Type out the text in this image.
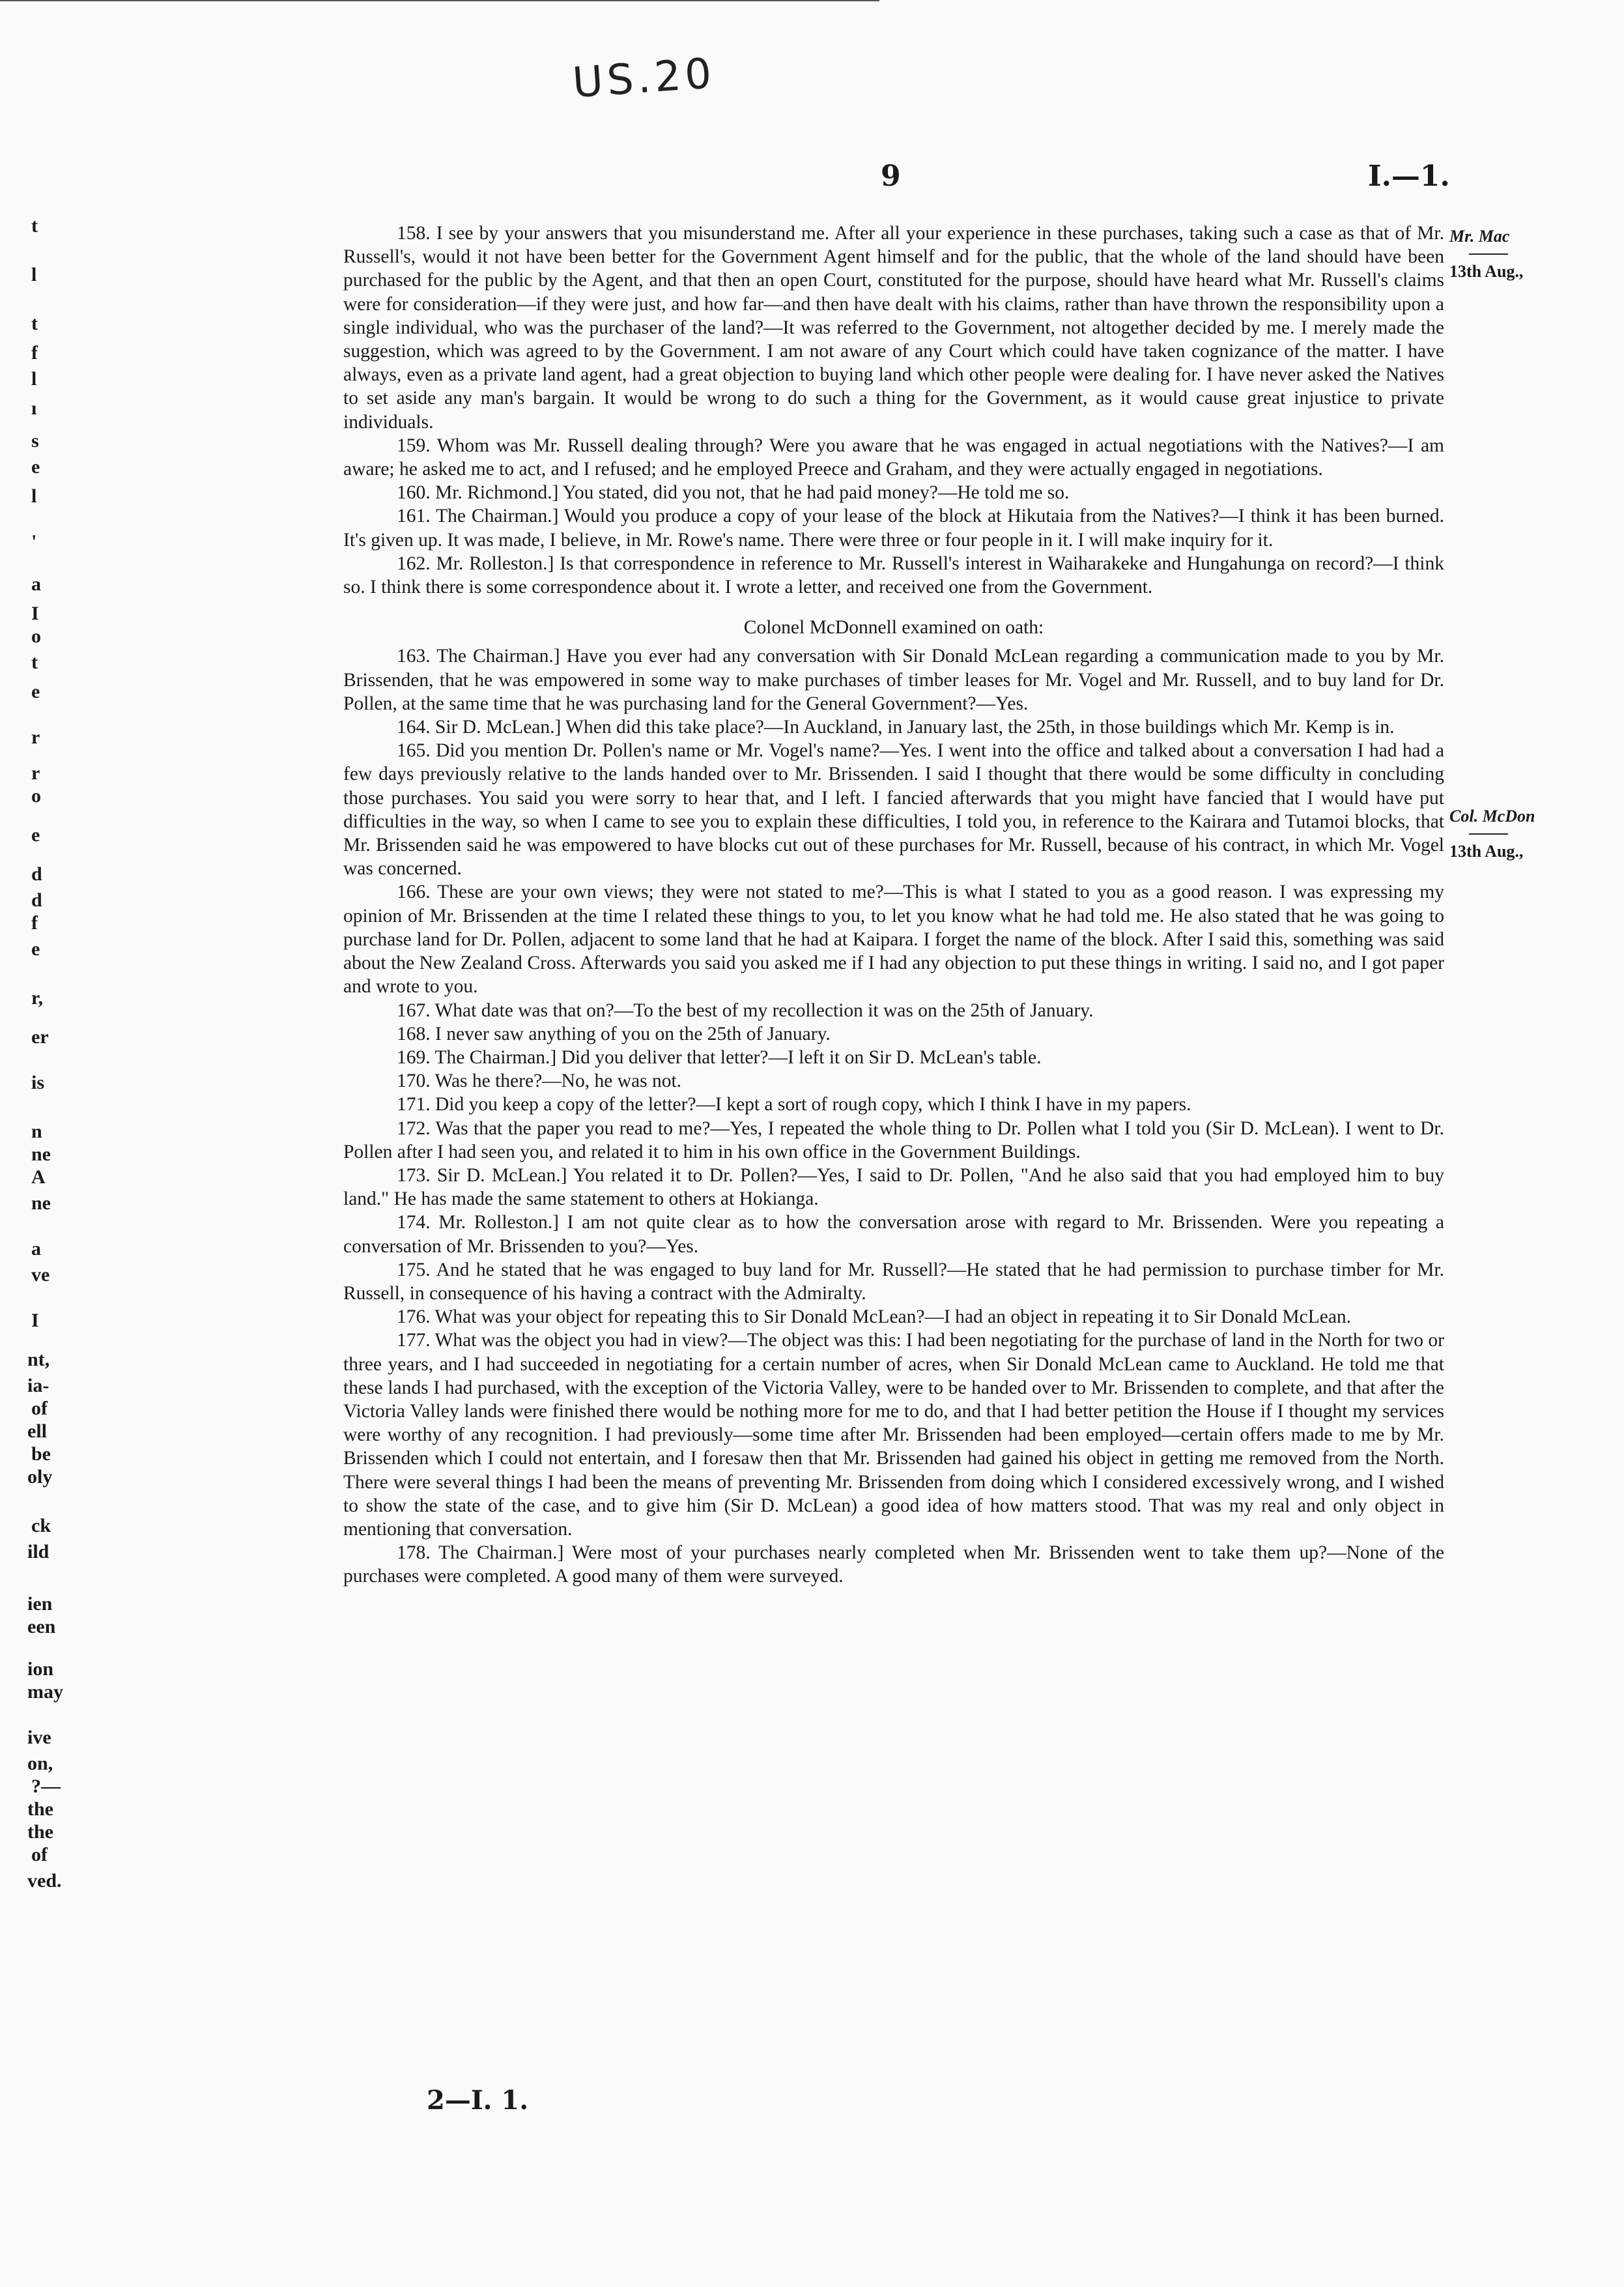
US.20
9	I.—1.
Mr. Mac
13th Aug.,
Col. McDon
13th Aug.,
t
l
t
f
l
ı
s
e
l
'
a
I
o
t
e
r
r
o
e
d
d
f
e
r,
er
is
n
ne
A
ne
a
ve
I
nt,
ia-
of
ell
be
oly
ck
ild
ien
een
ion
may
ive
on,
?—
the
the
of
ved.

158. I see by your answers that you misunderstand me. After all your experience in these purchases, taking such a case as that of Mr. Russell's, would it not have been better for the Government Agent himself and for the public, that the whole of the land should have been purchased for the public by the Agent, and that then an open Court, constituted for the purpose, should have heard what Mr. Russell's claims were for consideration—if they were just, and how far—and then have dealt with his claims, rather than have thrown the responsibility upon a single individual, who was the purchaser of the land?—It was referred to the Government, not altogether decided by me. I merely made the suggestion, which was agreed to by the Government. I am not aware of any Court which could have taken cognizance of the matter. I have always, even as a private land agent, had a great objection to buying land which other people were dealing for. I have never asked the Natives to set aside any man's bargain. It would be wrong to do such a thing for the Government, as it would cause great injustice to private individuals.

159. Whom was Mr. Russell dealing through? Were you aware that he was engaged in actual negotiations with the Natives?—I am aware; he asked me to act, and I refused; and he employed Preece and Graham, and they were actually engaged in negotiations.

160. Mr. Richmond.] You stated, did you not, that he had paid money?—He told me so.

161. The Chairman.] Would you produce a copy of your lease of the block at Hikutaia from the Natives?—I think it has been burned. It's given up. It was made, I believe, in Mr. Rowe's name. There were three or four people in it. I will make inquiry for it.

162. Mr. Rolleston.] Is that correspondence in reference to Mr. Russell's interest in Waiharakeke and Hungahunga on record?—I think so. I think there is some correspondence about it. I wrote a letter, and received one from the Government.

Colonel McDonnell examined on oath:

163. The Chairman.] Have you ever had any conversation with Sir Donald McLean regarding a communication made to you by Mr. Brissenden, that he was empowered in some way to make purchases of timber leases for Mr. Vogel and Mr. Russell, and to buy land for Dr. Pollen, at the same time that he was purchasing land for the General Government?—Yes.

164. Sir D. McLean.] When did this take place?—In Auckland, in January last, the 25th, in those buildings which Mr. Kemp is in.

165. Did you mention Dr. Pollen's name or Mr. Vogel's name?—Yes. I went into the office and talked about a conversation I had had a few days previously relative to the lands handed over to Mr. Brissenden. I said I thought that there would be some difficulty in concluding those purchases. You said you were sorry to hear that, and I left. I fancied afterwards that you might have fancied that I would have put difficulties in the way, so when I came to see you to explain these difficulties, I told you, in reference to the Kairara and Tutamoi blocks, that Mr. Brissenden said he was empowered to have blocks cut out of these purchases for Mr. Russell, because of his contract, in which Mr. Vogel was concerned.

166. These are your own views; they were not stated to me?—This is what I stated to you as a good reason. I was expressing my opinion of Mr. Brissenden at the time I related these things to you, to let you know what he had told me. He also stated that he was going to purchase land for Dr. Pollen, adjacent to some land that he had at Kaipara. I forget the name of the block. After I said this, something was said about the New Zealand Cross. Afterwards you said you asked me if I had any objection to put these things in writing. I said no, and I got paper and wrote to you.

167. What date was that on?—To the best of my recollection it was on the 25th of January.

168. I never saw anything of you on the 25th of January.

169. The Chairman.] Did you deliver that letter?—I left it on Sir D. McLean's table.

170. Was he there?—No, he was not.

171. Did you keep a copy of the letter?—I kept a sort of rough copy, which I think I have in my papers.

172. Was that the paper you read to me?—Yes, I repeated the whole thing to Dr. Pollen what I told you (Sir D. McLean). I went to Dr. Pollen after I had seen you, and related it to him in his own office in the Government Buildings.

173. Sir D. McLean.] You related it to Dr. Pollen?—Yes, I said to Dr. Pollen, "And he also said that you had employed him to buy land." He has made the same statement to others at Hokianga.

174. Mr. Rolleston.] I am not quite clear as to how the conversation arose with regard to Mr. Brissenden. Were you repeating a conversation of Mr. Brissenden to you?—Yes.

175. And he stated that he was engaged to buy land for Mr. Russell?—He stated that he had permission to purchase timber for Mr. Russell, in consequence of his having a contract with the Admiralty.

176. What was your object for repeating this to Sir Donald McLean?—I had an object in repeating it to Sir Donald McLean.

177. What was the object you had in view?—The object was this: I had been negotiating for the purchase of land in the North for two or three years, and I had succeeded in negotiating for a certain number of acres, when Sir Donald McLean came to Auckland. He told me that these lands I had purchased, with the exception of the Victoria Valley, were to be handed over to Mr. Brissenden to complete, and that after the Victoria Valley lands were finished there would be nothing more for me to do, and that I had better petition the House if I thought my services were worthy of any recognition. I had previously—some time after Mr. Brissenden had been employed—certain offers made to me by Mr. Brissenden which I could not entertain, and I foresaw then that Mr. Brissenden had gained his object in getting me removed from the North. There were several things I had been the means of preventing Mr. Brissenden from doing which I considered excessively wrong, and I wished to show the state of the case, and to give him (Sir D. McLean) a good idea of how matters stood. That was my real and only object in mentioning that conversation.

178. The Chairman.] Were most of your purchases nearly completed when Mr. Brissenden went to take them up?—None of the purchases were completed. A good many of them were surveyed.

2—I. 1.
